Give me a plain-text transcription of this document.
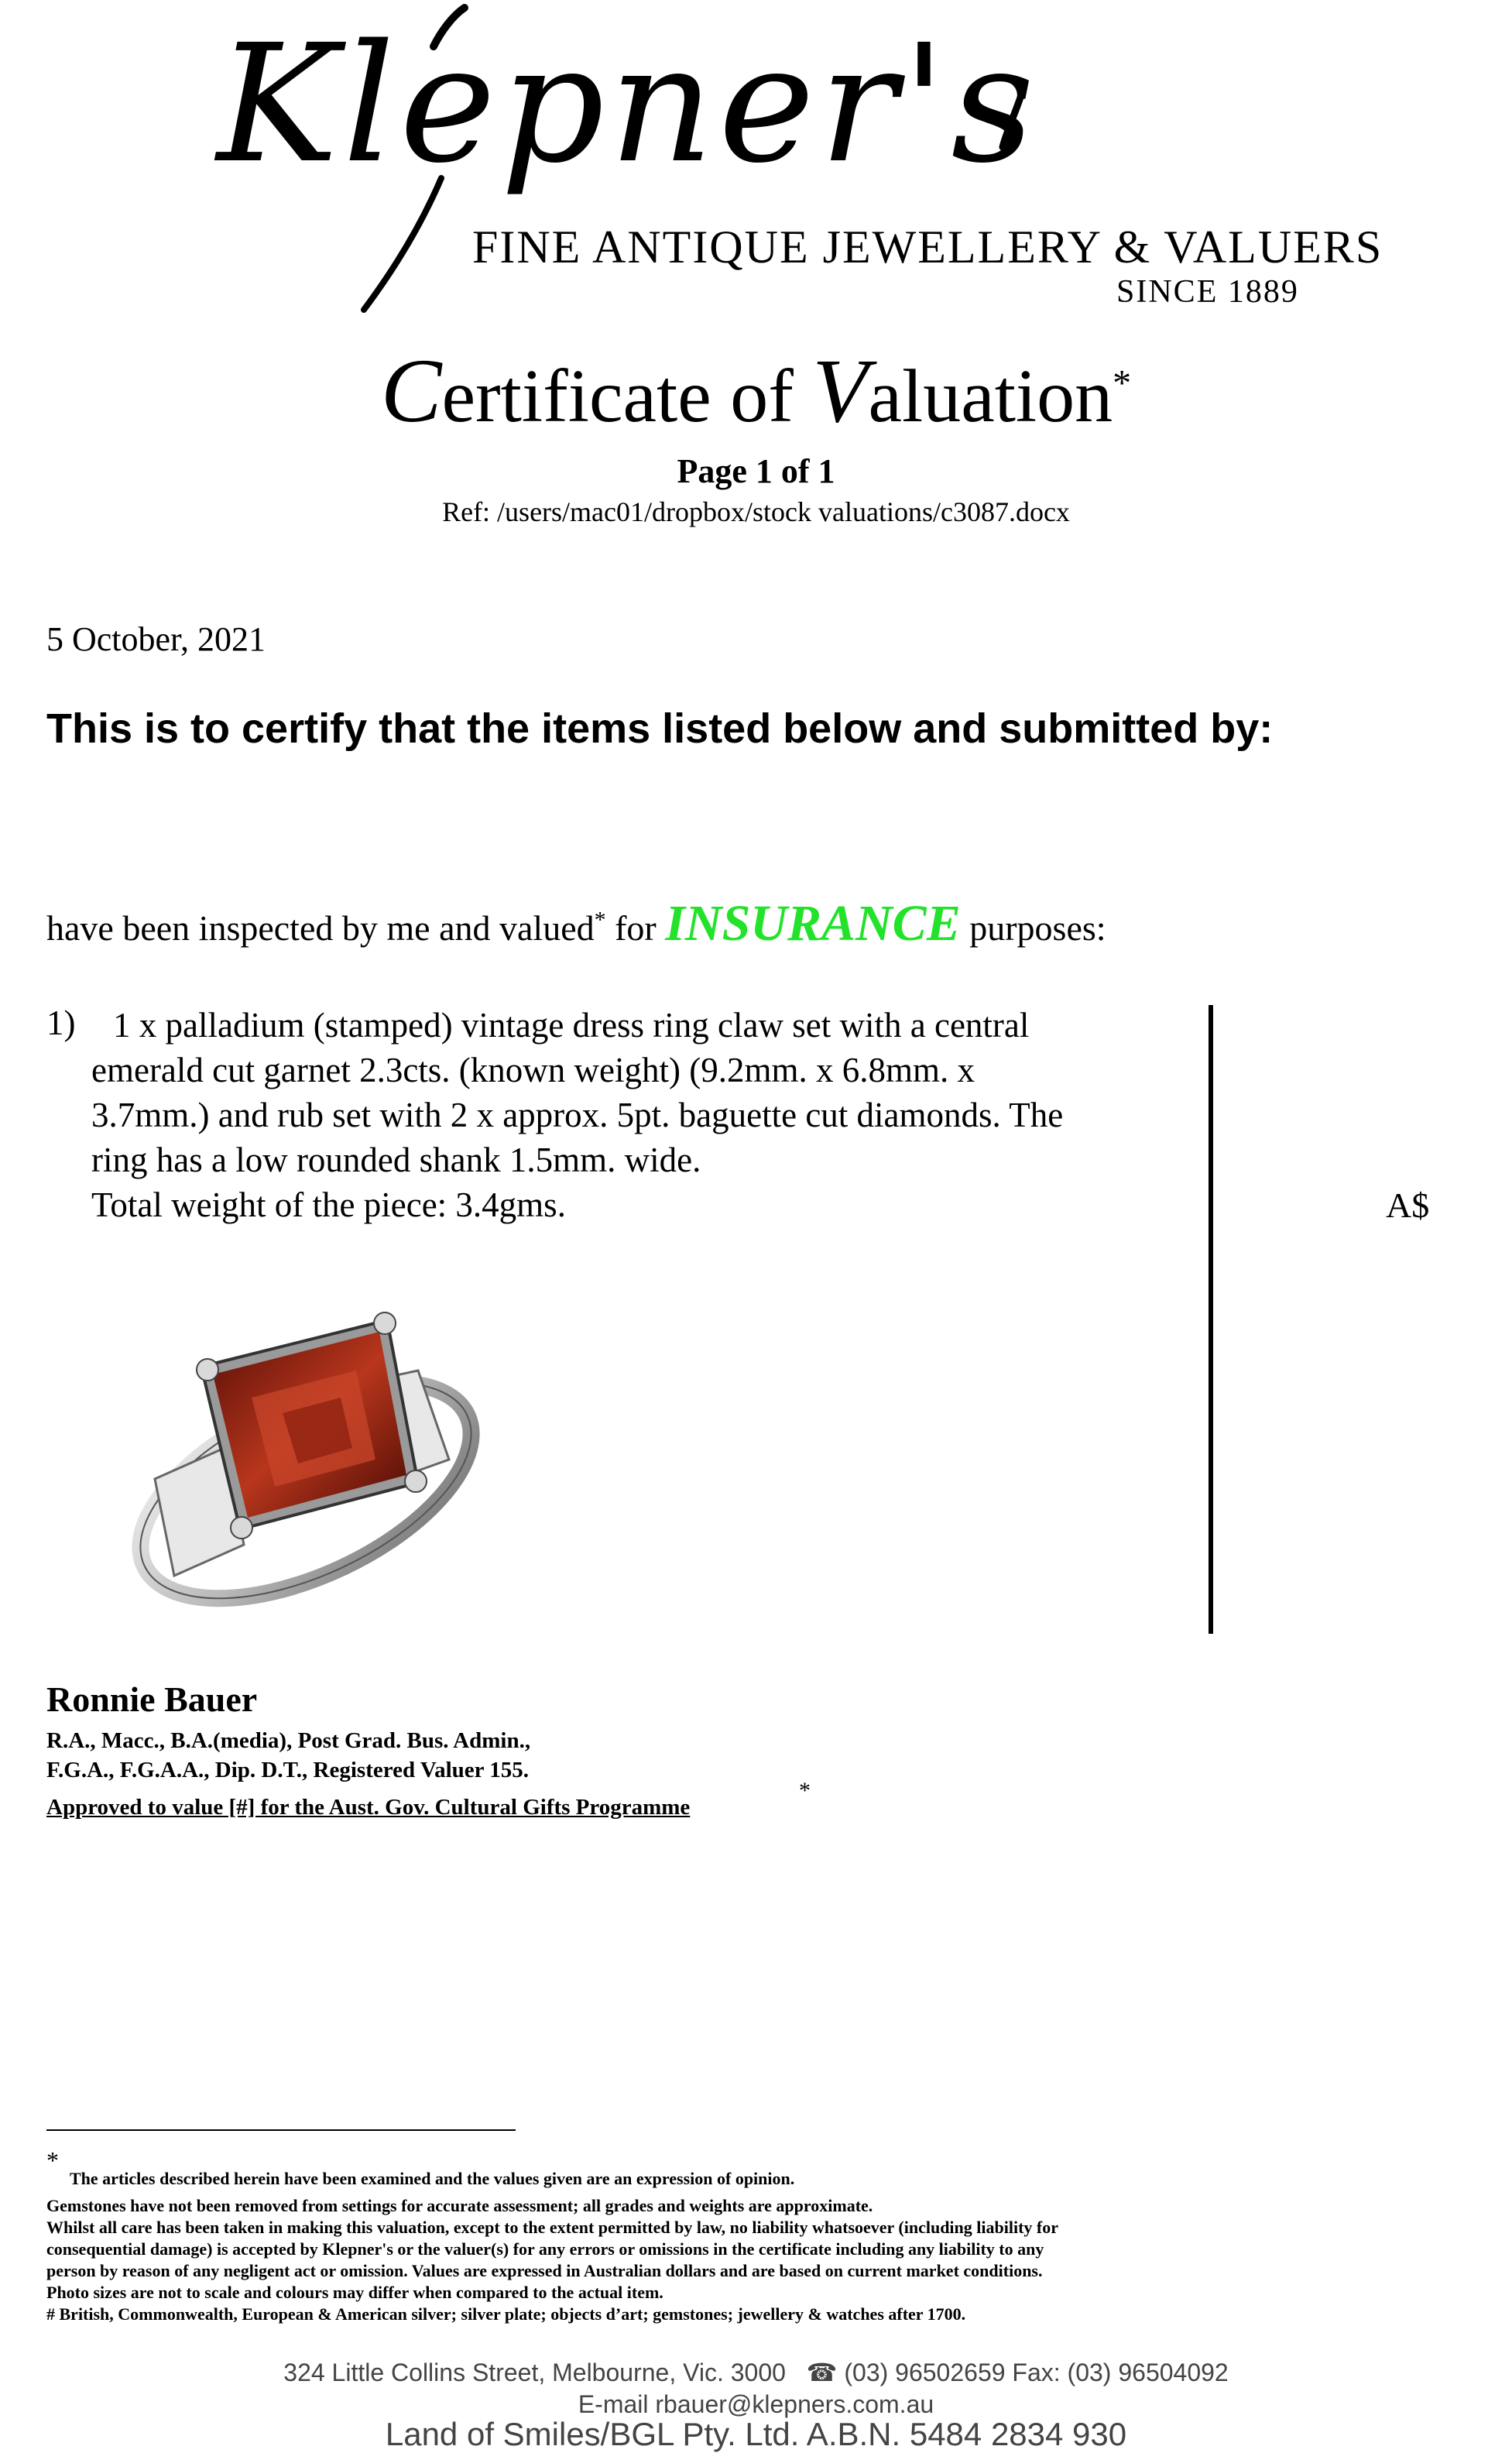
Klepner's
FINE ANTIQUE JEWELLERY & VALUERS
SINCE 1889
Certificate of Valuation*
Page 1 of 1
Ref: /users/mac01/dropbox/stock valuations/c3087.docx
5 October, 2021
This is to certify that the items listed below and submitted by:
have been inspected by me and valued* for INSURANCE purposes:
1) 1 x palladium (stamped) vintage dress ring claw set with a central
emerald cut garnet 2.3cts. (known weight) (9.2mm. x 6.8mm. x
3.7mm.) and rub set with 2 x approx. 5pt. baguette cut diamonds. The
ring has a low rounded shank 1.5mm. wide.
Total weight of the piece: 3.4gms.	A$
Ronnie Bauer
R.A., Macc., B.A.(media), Post Grad. Bus. Admin.,
F.G.A., F.G.A.A., Dip. D.T., Registered Valuer 155.
Approved to value [#] for the Aust. Gov. Cultural Gifts Programme
*
*
The articles described herein have been examined and the values given are an expression of opinion.
Gemstones have not been removed from settings for accurate assessment; all grades and weights are approximate.
Whilst all care has been taken in making this valuation, except to the extent permitted by law, no liability whatsoever (including liability for
consequential damage) is accepted by Klepner's or the valuer(s) for any errors or omissions in the certificate including any liability to any
person by reason of any negligent act or omission. Values are expressed in Australian dollars and are based on current market conditions.
Photo sizes are not to scale and colours may differ when compared to the actual item.
# British, Commonwealth, European & American silver; silver plate; objects d’art; gemstones; jewellery & watches after 1700.
324 Little Collins Street, Melbourne, Vic. 3000 ☎ (03) 96502659 Fax: (03) 96504092
E-mail rbauer@klepners.com.au
Land of Smiles/BGL Pty. Ltd. A.B.N. 5484 2834 930
